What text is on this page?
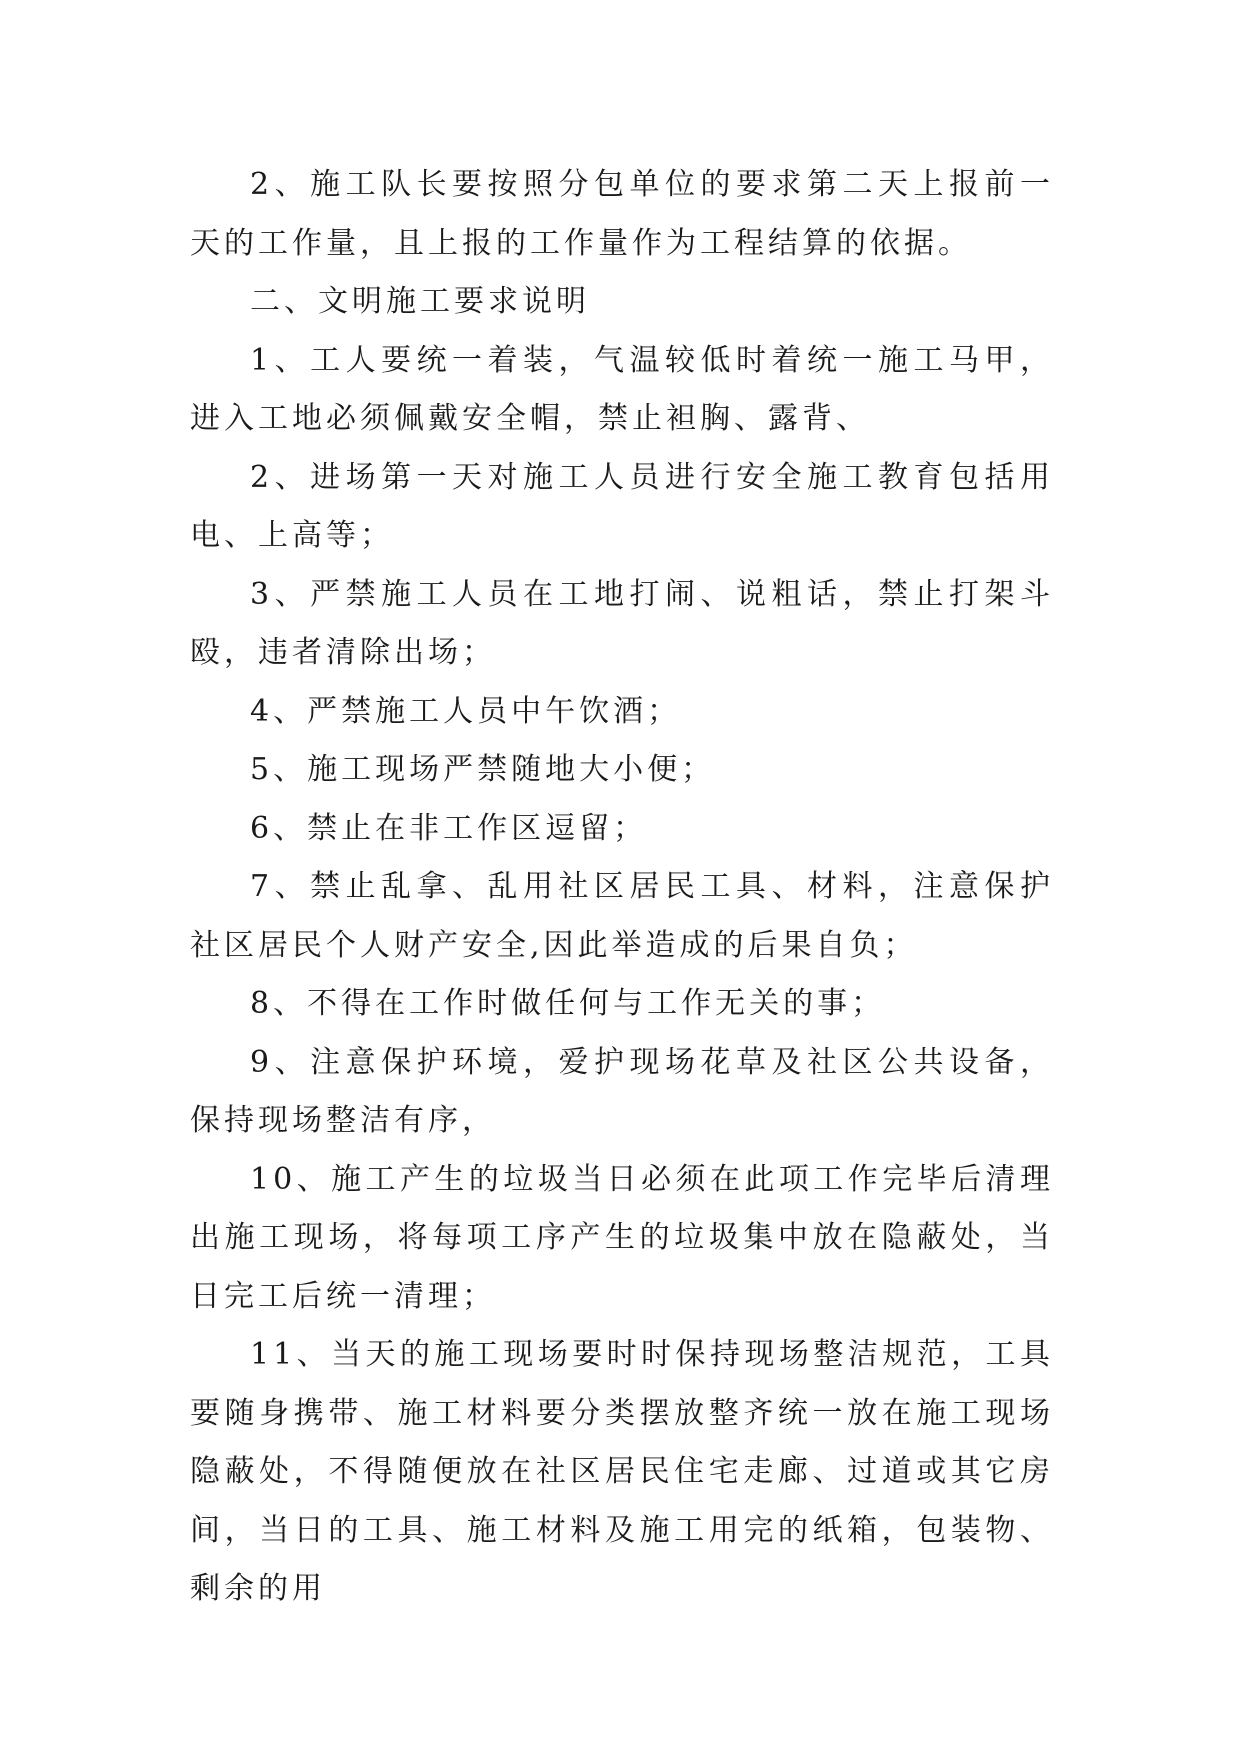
2、施工队长要按照分包单位的要求第二天上报前一天的工作量，且上报的工作量作为工程结算的依据。

二、文明施工要求说明

1、工人要统一着装，气温较低时着统一施工马甲，进入工地必须佩戴安全帽，禁止袒胸、露背、

2、进场第一天对施工人员进行安全施工教育包括用电、上高等；

3、严禁施工人员在工地打闹、说粗话，禁止打架斗殴，违者清除出场；

4、严禁施工人员中午饮酒；

5、施工现场严禁随地大小便；

6、禁止在非工作区逗留；

7、禁止乱拿、乱用社区居民工具、材料，注意保护社区居民个人财产安全,因此举造成的后果自负；

8、不得在工作时做任何与工作无关的事；

9、注意保护环境，爱护现场花草及社区公共设备，保持现场整洁有序，

10、施工产生的垃圾当日必须在此项工作完毕后清理出施工现场，将每项工序产生的垃圾集中放在隐蔽处，当日完工后统一清理；

11、当天的施工现场要时时保持现场整洁规范，工具要随身携带、施工材料要分类摆放整齐统一放在施工现场隐蔽处，不得随便放在社区居民住宅走廊、过道或其它房间，当日的工具、施工材料及施工用完的纸箱，包装物、剩余的用
